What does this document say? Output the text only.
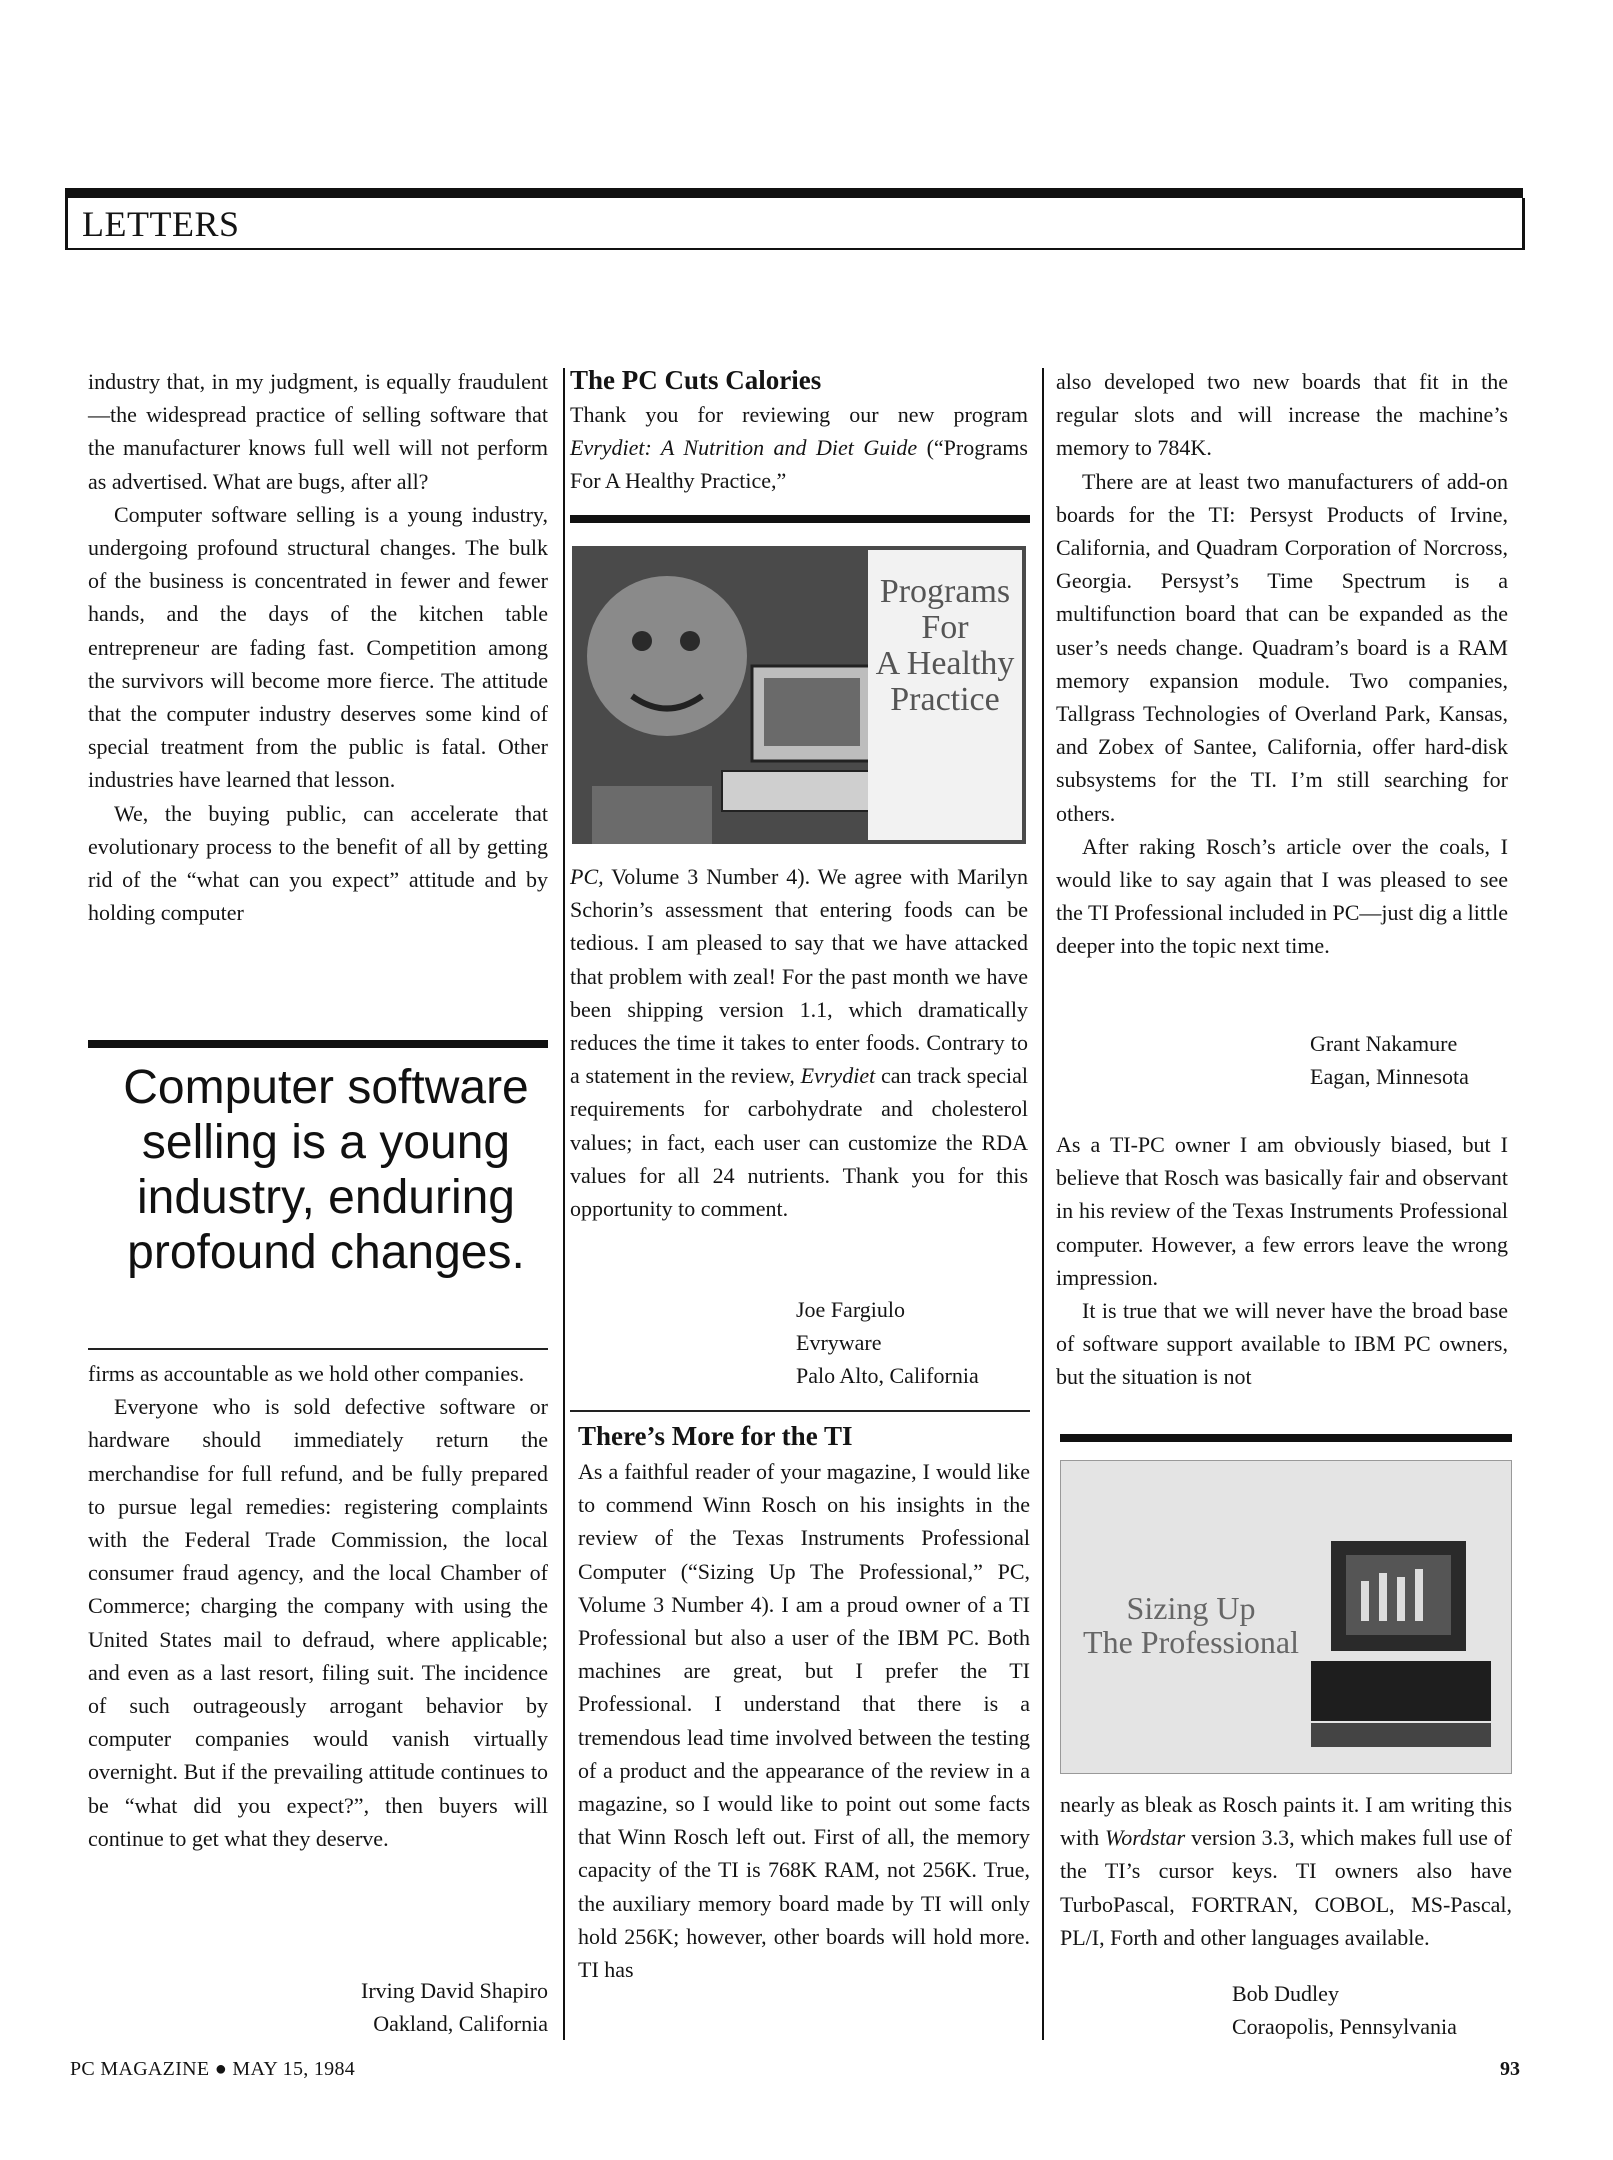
LETTERS

industry that, in my judgment, is equally fraudulent—the widespread practice of selling software that the manufacturer knows full well will not perform as advertised. What are bugs, after all?

Computer software selling is a young industry, undergoing profound structural changes. The bulk of the business is concentrated in fewer and fewer hands, and the days of the kitchen table entrepreneur are fading fast. Competition among the survivors will become more fierce. The attitude that the computer industry deserves some kind of special treatment from the public is fatal. Other industries have learned that lesson.

We, the buying public, can accelerate that evolutionary process to the benefit of all by getting rid of the “what can you expect” attitude and by holding computer

Computer software selling is a young industry, enduring profound changes.

firms as accountable as we hold other companies.

Everyone who is sold defective software or hardware should immediately return the merchandise for full refund, and be fully prepared to pursue legal remedies: registering complaints with the Federal Trade Commission, the local consumer fraud agency, and the local Chamber of Commerce; charging the company with using the United States mail to defraud, where applicable; and even as a last resort, filing suit. The incidence of such outrageously arrogant behavior by computer companies would vanish virtually overnight. But if the prevailing attitude continues to be “what did you expect?”, then buyers will continue to get what they deserve.

Irving David Shapiro
Oakland, California
The PC Cuts Calories

Thank you for reviewing our new program Evrydiet: A Nutrition and Diet Guide (“Programs For A Healthy Practice,”

Programs
For
A Healthy
Practice

PC, Volume 3 Number 4). We agree with Marilyn Schorin’s assessment that entering foods can be tedious. I am pleased to say that we have attacked that problem with zeal! For the past month we have been shipping version 1.1, which dramatically reduces the time it takes to enter foods. Contrary to a statement in the review, Evrydiet can track special requirements for carbohydrate and cholesterol values; in fact, each user can customize the RDA values for all 24 nutrients. Thank you for this opportunity to comment.

Joe Fargiulo
Evryware
Palo Alto, California
There’s More for the TI

As a faithful reader of your magazine, I would like to commend Winn Rosch on his insights in the review of the Texas Instruments Professional Computer (“Sizing Up The Professional,” PC, Volume 3 Number 4). I am a proud owner of a TI Professional but also a user of the IBM PC. Both machines are great, but I prefer the TI Professional. I understand that there is a tremendous lead time involved between the testing of a product and the appearance of the review in a magazine, so I would like to point out some facts that Winn Rosch left out. First of all, the memory capacity of the TI is 768K RAM, not 256K. True, the auxiliary memory board made by TI will only hold 256K; however, other boards will hold more. TI has

also developed two new boards that fit in the regular slots and will increase the machine’s memory to 784K.

There are at least two manufacturers of add-on boards for the TI: Persyst Products of Irvine, California, and Quadram Corporation of Norcross, Georgia. Persyst’s Time Spectrum is a multifunction board that can be expanded as the user’s needs change. Quadram’s board is a RAM memory expansion module. Two companies, Tallgrass Technologies of Overland Park, Kansas, and Zobex of Santee, California, offer hard-disk subsystems for the TI. I’m still searching for others.

After raking Rosch’s article over the coals, I would like to say again that I was pleased to see the TI Professional included in PC—just dig a little deeper into the topic next time.

Grant Nakamure
Eagan, Minnesota

As a TI-PC owner I am obviously biased, but I believe that Rosch was basically fair and observant in his review of the Texas Instruments Professional computer. However, a few errors leave the wrong impression.

It is true that we will never have the broad base of software support available to IBM PC owners, but the situation is not

Sizing Up
The Professional

nearly as bleak as Rosch paints it. I am writing this with Wordstar version 3.3, which makes full use of the TI’s cursor keys. TI owners also have TurboPascal, FORTRAN, COBOL, MS-Pascal, PL/I, Forth and other languages available.

Bob Dudley
Coraopolis, Pennsylvania
PC MAGAZINE ● MAY 15, 1984	93
